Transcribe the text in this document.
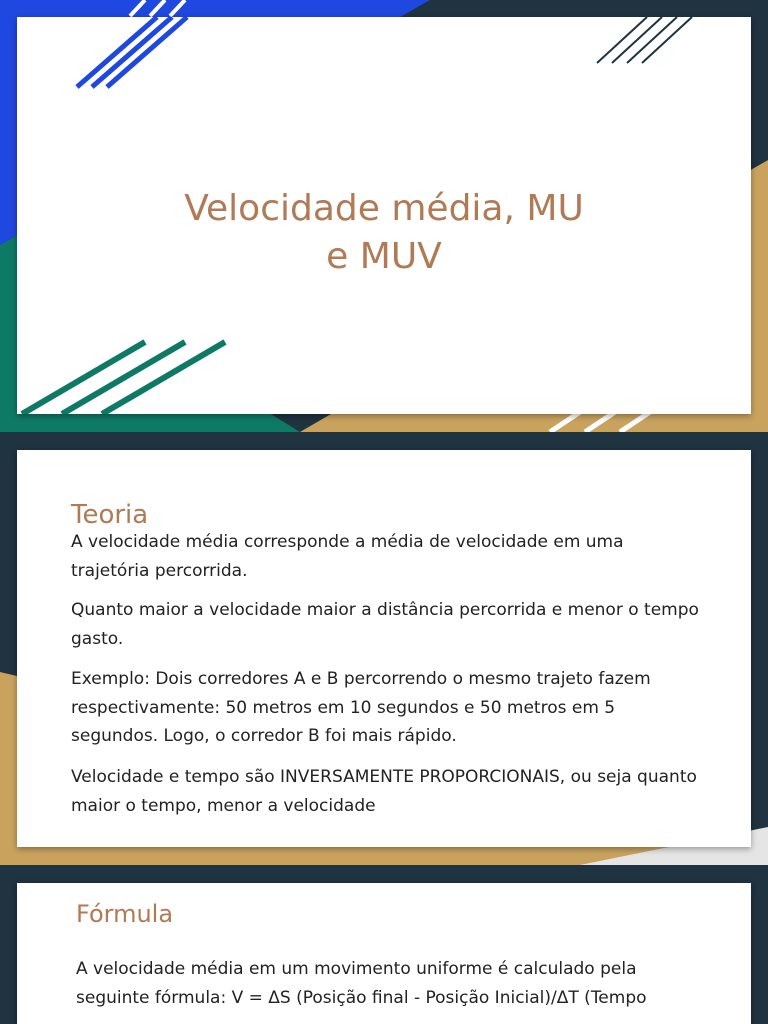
Velocidade média, MU
e MUV
Teoria

A velocidade média corresponde a média de velocidade em uma trajetória percorrida.

Quanto maior a velocidade maior a distância percorrida e menor o tempo gasto.

Exemplo: Dois corredores A e B percorrendo o mesmo trajeto fazem respectivamente: 50 metros em 10 segundos e 50 metros em 5 segundos. Logo, o corredor B foi mais rápido.

Velocidade e tempo são INVERSAMENTE PROPORCIONAIS, ou seja quanto maior o tempo, menor a velocidade

Fórmula

A velocidade média em um movimento uniforme é calculado pela seguinte fórmula: V = ΔS (Posição final - Posição Inicial)/ΔT (Tempo
